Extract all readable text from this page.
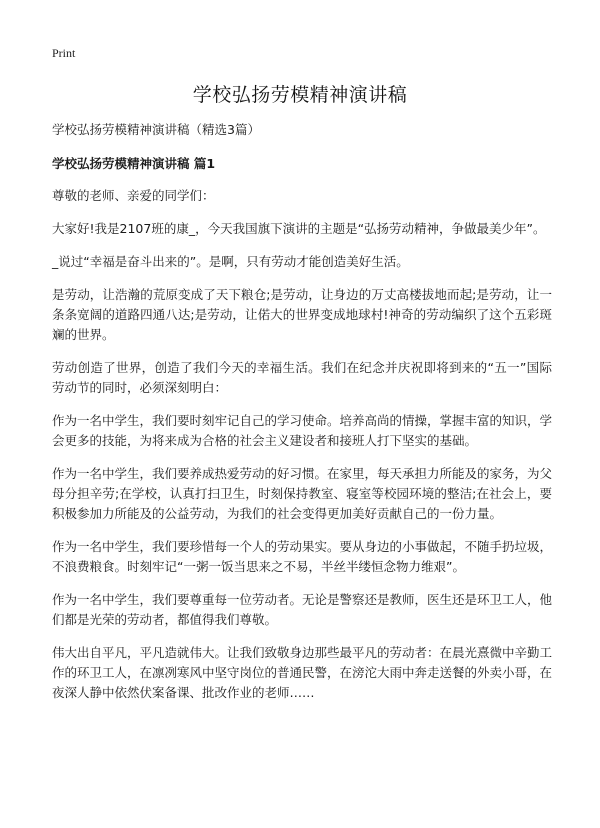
Print
学校弘扬劳模精神演讲稿

学校弘扬劳模精神演讲稿（精选3篇）

学校弘扬劳模精神演讲稿 篇1

尊敬的老师、亲爱的同学们：

大家好!我是2107班的康_，今天我国旗下演讲的主题是“弘扬劳动精神，争做最美少年”。

_说过“幸福是奋斗出来的”。是啊，只有劳动才能创造美好生活。

是劳动，让浩瀚的荒原变成了天下粮仓;是劳动，让身边的万丈高楼拔地而起;是劳动，让一条条宽阔的道路四通八达;是劳动，让偌大的世界变成地球村!神奇的劳动编织了这个五彩斑斓的世界。

劳动创造了世界，创造了我们今天的幸福生活。我们在纪念并庆祝即将到来的“五一”国际劳动节的同时，必须深刻明白：

作为一名中学生，我们要时刻牢记自己的学习使命。培养高尚的情操，掌握丰富的知识，学会更多的技能，为将来成为合格的社会主义建设者和接班人打下坚实的基础。

作为一名中学生，我们要养成热爱劳动的好习惯。在家里，每天承担力所能及的家务，为父母分担辛劳;在学校，认真打扫卫生，时刻保持教室、寝室等校园环境的整洁;在社会上，要积极参加力所能及的公益劳动，为我们的社会变得更加美好贡献自己的一份力量。

作为一名中学生，我们要珍惜每一个人的劳动果实。要从身边的小事做起，不随手扔垃圾，不浪费粮食。时刻牢记“一粥一饭当思来之不易，半丝半缕恒念物力维艰”。

作为一名中学生，我们要尊重每一位劳动者。无论是警察还是教师，医生还是环卫工人，他们都是光荣的劳动者，都值得我们尊敬。

伟大出自平凡，平凡造就伟大。让我们致敬身边那些最平凡的劳动者：在晨光熹微中辛勤工作的环卫工人，在凛冽寒风中坚守岗位的普通民警，在滂沱大雨中奔走送餐的外卖小哥，在夜深人静中依然伏案备课、批改作业的老师……
